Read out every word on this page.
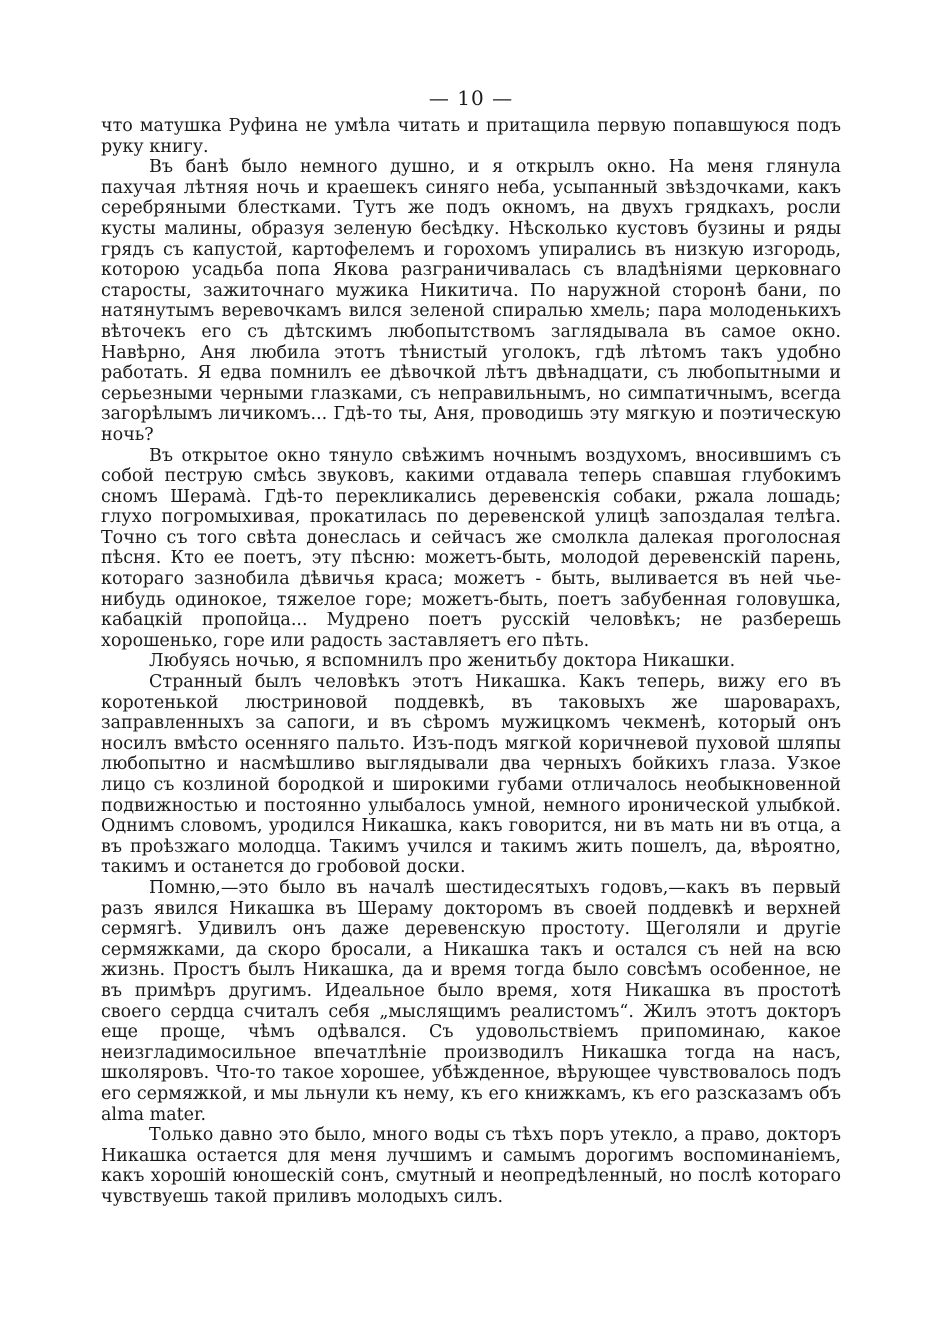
— 10 —

что матушка Руфина не умѣла читать и притащила первую попавшуюся подъ руку книгу.

Въ банѣ было немного душно, и я открылъ окно. На меня глянула пахучая лѣтняя ночь и краешекъ синяго неба, усыпанный звѣздочками, какъ серебряными блестками. Тутъ же подъ окномъ, на двухъ грядкахъ, росли кусты малины, образуя зеленую бесѣдку. Нѣсколько кустовъ бузины и ряды грядъ съ капустой, картофелемъ и горохомъ упирались въ низкую изгородь, которою усадьба попа Якова разграничивалась съ владѣніями церковнаго старосты, зажиточнаго мужика Никитича. По наружной сторонѣ бани, по натянутымъ веревочкамъ вился зеленой спиралью хмель; пара молоденькихъ вѣточекъ его съ дѣтскимъ любопытствомъ заглядывала въ самое окно. Навѣрно, Аня любила этотъ тѣнистый уголокъ, гдѣ лѣтомъ такъ удобно работать. Я едва помнилъ ее дѣвочкой лѣтъ двѣнадцати, съ любопытными и серьезными черными глазками, съ неправильнымъ, но симпатичнымъ, всегда загорѣлымъ личикомъ... Гдѣ-то ты, Аня, проводишь эту мягкую и поэтическую ночь?

Въ открытое окно тянуло свѣжимъ ночнымъ воздухомъ, вносившимъ съ собой пеструю смѣсь звуковъ, какими отдавала теперь спавшая глубокимъ сномъ Шерамà. Гдѣ-то перекликались деревенскія собаки, ржала лошадь; глухо погромыхивая, прокатилась по деревенской улицѣ запоздалая телѣга. Точно съ того свѣта донеслась и сейчасъ же смолкла далекая проголосная пѣсня. Кто ее поетъ, эту пѣсню: можетъ-быть, молодой деревенскій парень, котораго зазнобила дѣвичья краса; можетъ - быть, выливается въ ней чье-нибудь одинокое, тяжелое горе; можетъ-быть, поетъ забубенная головушка, кабацкій пропойца... Мудрено поетъ русскій человѣкъ; не разберешь хорошенько, горе или радость заставляетъ его пѣть.

Любуясь ночью, я вспомнилъ про женитьбу доктора Никашки.

Странный былъ человѣкъ этотъ Никашка. Какъ теперь, вижу его въ коротенькой люстриновой поддевкѣ, въ таковыхъ же шароварахъ, заправленныхъ за сапоги, и въ сѣромъ мужицкомъ чекменѣ, который онъ носилъ вмѣсто осенняго пальто. Изъ-подъ мягкой коричневой пуховой шляпы любопытно и насмѣшливо выглядывали два черныхъ бойкихъ глаза. Узкое лицо съ козлиной бородкой и широкими губами отличалось необыкновенной подвижностью и постоянно улыбалось умной, немного иронической улыбкой. Однимъ словомъ, уродился Никашка, какъ говорится, ни въ мать ни въ отца, а въ проѣзжаго молодца. Такимъ учился и такимъ жить пошелъ, да, вѣроятно, такимъ и останется до гробовой доски.

Помню,—это было въ началѣ шестидесятыхъ годовъ,—какъ въ первый разъ явился Никашка въ Шераму докторомъ въ своей поддевкѣ и верхней сермягѣ. Удивилъ онъ даже деревенскую простоту. Щеголяли и другіе сермяжками, да скоро бросали, а Никашка такъ и остался съ ней на всю жизнь. Простъ былъ Никашка, да и время тогда было совсѣмъ особенное, не въ примѣръ другимъ. Идеальное было время, хотя Никашка въ простотѣ своего сердца считалъ себя „мыслящимъ реалистомъ“. Жилъ этотъ докторъ еще проще, чѣмъ одѣвался. Съ удовольствіемъ припоминаю, какое неизгладимосильное впечатлѣніе производилъ Никашка тогда на насъ, школяровъ. Что-то такое хорошее, убѣжденное, вѣрующее чувствовалось подъ его сермяжкой, и мы льнули къ нему, къ его книжкамъ, къ его разсказамъ объ alma mater.

Только давно это было, много воды съ тѣхъ поръ утекло, а право, докторъ Никашка остается для меня лучшимъ и самымъ дорогимъ воспоминаніемъ, какъ хорошій юношескій сонъ, смутный и неопредѣленный, но послѣ котораго чувствуешь такой приливъ молодыхъ силъ.
